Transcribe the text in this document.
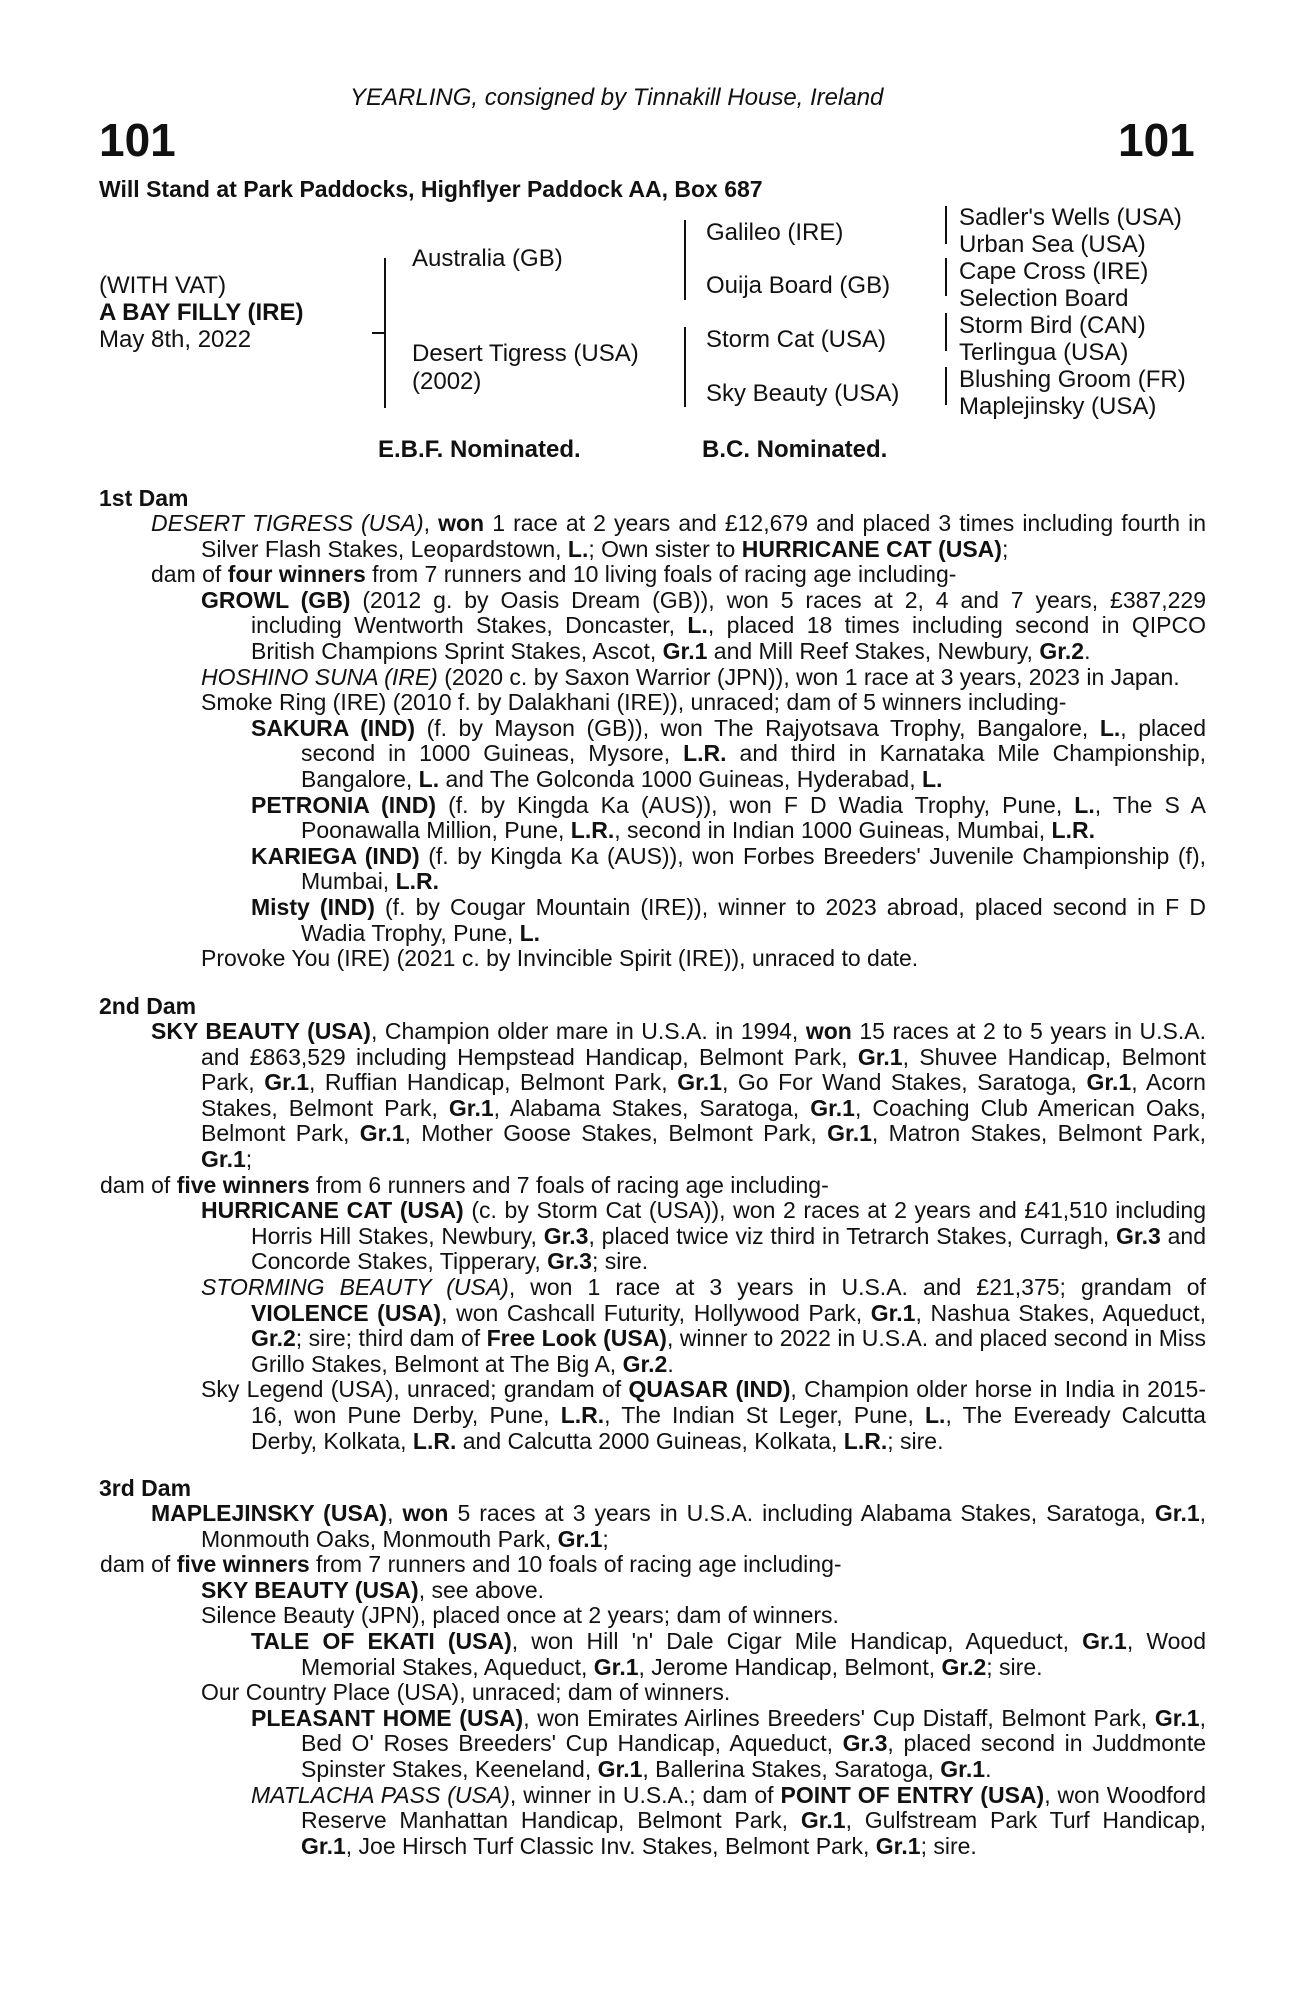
YEARLING, consigned by Tinnakill House, Ireland
101	101
Will Stand at Park Paddocks, Highflyer Paddock AA, Box 687
(WITH VAT)
A BAY FILLY (IRE)
May 8th, 2022
Australia (GB)
Desert Tigress (USA)
(2002)
Galileo (IRE)
Ouija Board (GB)
Storm Cat (USA)
Sky Beauty (USA)
Sadler's Wells (USA)
Urban Sea (USA)
Cape Cross (IRE)
Selection Board
Storm Bird (CAN)
Terlingua (USA)
Blushing Groom (FR)
Maplejinsky (USA)
E.B.F. Nominated.	B.C. Nominated.
1st Dam

DESERT TIGRESS (USA), won 1 race at 2 years and £12,679 and placed 3 times including fourth in Silver Flash Stakes, Leopardstown, L.; Own sister to HURRICANE CAT (USA);

dam of four winners from 7 runners and 10 living foals of racing age including-

GROWL (GB) (2012 g. by Oasis Dream (GB)), won 5 races at 2, 4 and 7 years, £387,229 including Wentworth Stakes, Doncaster, L., placed 18 times including second in QIPCO British Champions Sprint Stakes, Ascot, Gr.1 and Mill Reef Stakes, Newbury, Gr.2.

HOSHINO SUNA (IRE) (2020 c. by Saxon Warrior (JPN)), won 1 race at 3 years, 2023 in Japan.

Smoke Ring (IRE) (2010 f. by Dalakhani (IRE)), unraced; dam of 5 winners including-

SAKURA (IND) (f. by Mayson (GB)), won The Rajyotsava Trophy, Bangalore, L., placed second in 1000 Guineas, Mysore, L.R. and third in Karnataka Mile Championship, Bangalore, L. and The Golconda 1000 Guineas, Hyderabad, L.

PETRONIA (IND) (f. by Kingda Ka (AUS)), won F D Wadia Trophy, Pune, L., The S A Poonawalla Million, Pune, L.R., second in Indian 1000 Guineas, Mumbai, L.R.

KARIEGA (IND) (f. by Kingda Ka (AUS)), won Forbes Breeders' Juvenile Championship (f), Mumbai, L.R.

Misty (IND) (f. by Cougar Mountain (IRE)), winner to 2023 abroad, placed second in F D Wadia Trophy, Pune, L.

Provoke You (IRE) (2021 c. by Invincible Spirit (IRE)), unraced to date.

2nd Dam

SKY BEAUTY (USA), Champion older mare in U.S.A. in 1994, won 15 races at 2 to 5 years in U.S.A. and £863,529 including Hempstead Handicap, Belmont Park, Gr.1, Shuvee Handicap, Belmont Park, Gr.1, Ruffian Handicap, Belmont Park, Gr.1, Go For Wand Stakes, Saratoga, Gr.1, Acorn Stakes, Belmont Park, Gr.1, Alabama Stakes, Saratoga, Gr.1, Coaching Club American Oaks, Belmont Park, Gr.1, Mother Goose Stakes, Belmont Park, Gr.1, Matron Stakes, Belmont Park, Gr.1;

dam of five winners from 6 runners and 7 foals of racing age including-

HURRICANE CAT (USA) (c. by Storm Cat (USA)), won 2 races at 2 years and £41,510 including Horris Hill Stakes, Newbury, Gr.3, placed twice viz third in Tetrarch Stakes, Curragh, Gr.3 and Concorde Stakes, Tipperary, Gr.3; sire.

STORMING BEAUTY (USA), won 1 race at 3 years in U.S.A. and £21,375; grandam of VIOLENCE (USA), won Cashcall Futurity, Hollywood Park, Gr.1, Nashua Stakes, Aqueduct, Gr.2; sire; third dam of Free Look (USA), winner to 2022 in U.S.A. and placed second in Miss Grillo Stakes, Belmont at The Big A, Gr.2.

Sky Legend (USA), unraced; grandam of QUASAR (IND), Champion older horse in India in 2015-16, won Pune Derby, Pune, L.R., The Indian St Leger, Pune, L., The Eveready Calcutta Derby, Kolkata, L.R. and Calcutta 2000 Guineas, Kolkata, L.R.; sire.

3rd Dam

MAPLEJINSKY (USA), won 5 races at 3 years in U.S.A. including Alabama Stakes, Saratoga, Gr.1, Monmouth Oaks, Monmouth Park, Gr.1;

dam of five winners from 7 runners and 10 foals of racing age including-

SKY BEAUTY (USA), see above.

Silence Beauty (JPN), placed once at 2 years; dam of winners.

TALE OF EKATI (USA), won Hill 'n' Dale Cigar Mile Handicap, Aqueduct, Gr.1, Wood Memorial Stakes, Aqueduct, Gr.1, Jerome Handicap, Belmont, Gr.2; sire.

Our Country Place (USA), unraced; dam of winners.

PLEASANT HOME (USA), won Emirates Airlines Breeders' Cup Distaff, Belmont Park, Gr.1, Bed O' Roses Breeders' Cup Handicap, Aqueduct, Gr.3, placed second in Juddmonte Spinster Stakes, Keeneland, Gr.1, Ballerina Stakes, Saratoga, Gr.1.

MATLACHA PASS (USA), winner in U.S.A.; dam of POINT OF ENTRY (USA), won Woodford Reserve Manhattan Handicap, Belmont Park, Gr.1, Gulfstream Park Turf Handicap, Gr.1, Joe Hirsch Turf Classic Inv. Stakes, Belmont Park, Gr.1; sire.
